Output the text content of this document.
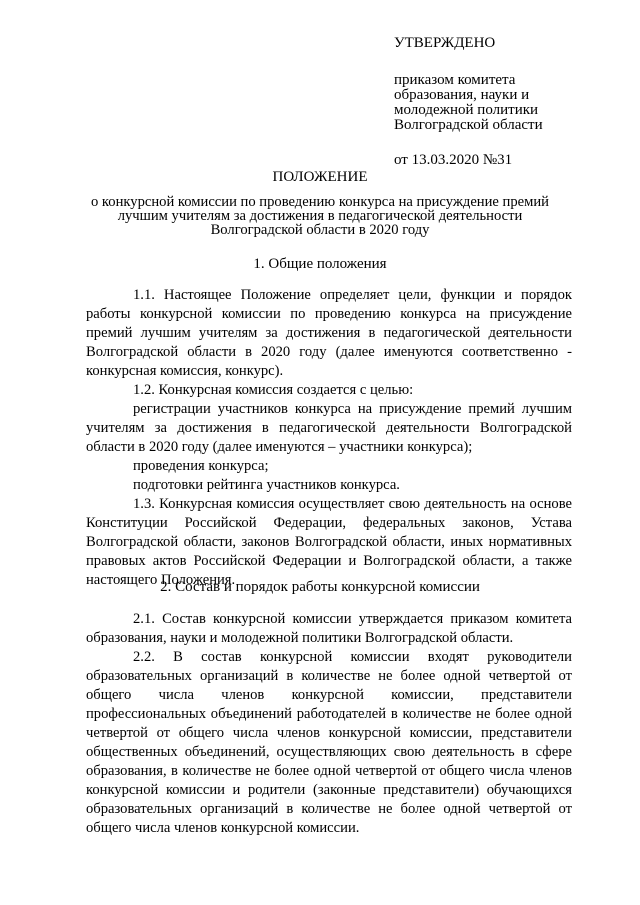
УТВЕРЖДЕНО
приказом комитета
образования, науки и
молодежной политики
Волгоградской области
от 13.03.2020 №31
ПОЛОЖЕНИЕ
о конкурсной комиссии по проведению конкурса на присуждение премий
лучшим учителям за достижения в педагогической деятельности
Волгоградской области в 2020 году
1. Общие положения

1.1. Настоящее Положение определяет цели, функции и порядок работы конкурсной комиссии по проведению конкурса на присуждение премий лучшим учителям за достижения в педагогической деятельности Волгоградской области в 2020 году (далее именуются соответственно - конкурсная комиссия, конкурс).

1.2. Конкурсная комиссия создается с целью:

регистрации участников конкурса на присуждение премий лучшим учителям за достижения в педагогической деятельности Волгоградской области в 2020 году (далее именуются – участники конкурса);

проведения конкурса;

подготовки рейтинга участников конкурса.

1.3. Конкурсная комиссия осуществляет свою деятельность на основе Конституции Российской Федерации, федеральных законов, Устава Волгоградской области, законов Волгоградской области, иных нормативных правовых актов Российской Федерации и Волгоградской области, а также настоящего Положения.

2. Состав и порядок работы конкурсной комиссии

2.1. Состав конкурсной комиссии утверждается приказом комитета образования, науки и молодежной политики Волгоградской области.

2.2. В состав конкурсной комиссии входят руководители образовательных организаций в количестве не более одной четвертой от общего числа членов конкурсной комиссии, представители профессиональных объединений работодателей в количестве не более одной четвертой от общего числа членов конкурсной комиссии, представители общественных объединений, осуществляющих свою деятельность в сфере образования, в количестве не более одной четвертой от общего числа членов конкурсной комиссии и родители (законные представители) обучающихся образовательных организаций в количестве не более одной четвертой от общего числа членов конкурсной комиссии.
